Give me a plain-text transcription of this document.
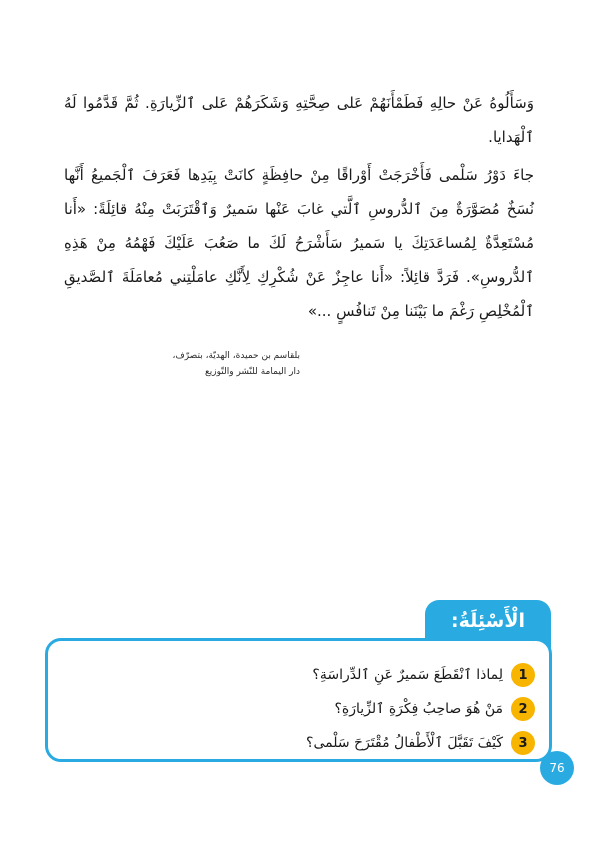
وَسَأَلُوهُ عَنْ حالِهِ فَطَمْأَنَهُمْ عَلى صِحَّتِهِ وَشَكَرَهُمْ عَلى ٱلزِّيارَةِ. ثُمَّ قَدَّمُوا لَهُ ٱلْهَدايا.

جاءَ دَوْرُ سَلْمى فَأَخْرَجَتْ أَوْراقًا مِنْ حافِظَةٍ كانَتْ بِيَدِها فَعَرَفَ ٱلْجَميعُ أَنَّها نُسَخٌ مُصَوَّرَةٌ مِنَ ٱلدُّروسِ ٱلَّتي غابَ عَنْها سَميرٌ وَٱقْتَرَبَتْ مِنْهُ قائِلَةً: «أَنا مُسْتَعِدَّةٌ لِمُساعَدَتِكَ يا سَميرُ سَأَشْرَحُ لَكَ ما صَعُبَ عَلَيْكَ فَهْمُهُ مِنْ هَذِهِ ٱلدُّروسِ». فَرَدَّ قائِلاً: «أَنا عاجِزٌ عَنْ شُكْرِكِ لِأَنَّكِ عامَلْتِني مُعامَلَةَ ٱلصَّديقِ ٱلْمُخْلِصِ رَغْمَ ما بَيْنَنا مِنْ تَنافُسٍ ...»

بلقاسم بن حميدة، الهديّة، بتصرّف،
دار اليمامة للنّشر والتّوزيع
الْأَسْئِلَةُ:
1
لِماذا ٱنْقَطَعَ سَميرٌ عَنِ ٱلدِّراسَةِ؟
2
مَنْ هُوَ صاحِبُ فِكْرَةِ ٱلزِّيارَةِ؟
3
كَيْفَ تَقَبَّلَ ٱلْأَطْفالُ مُقْتَرَحَ سَلْمى؟
76
